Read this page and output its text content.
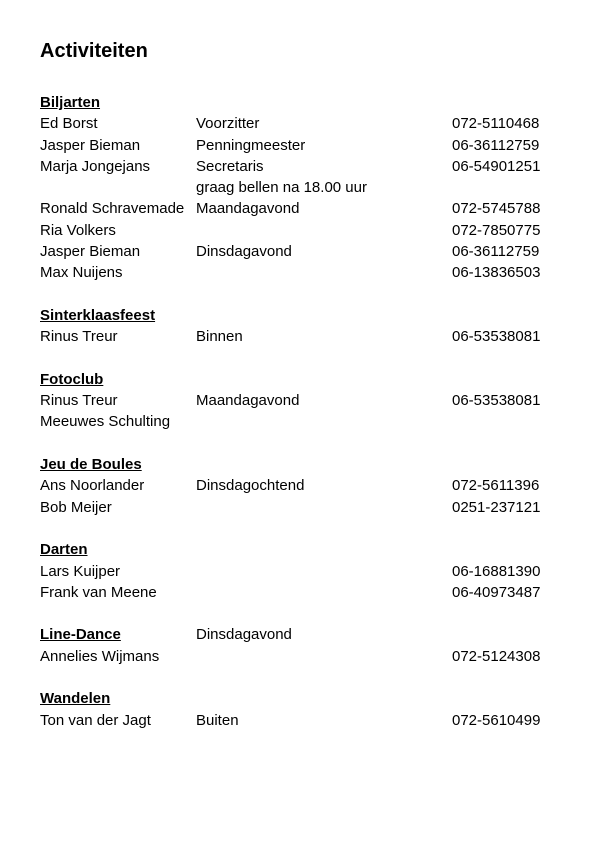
Activiteiten
Biljarten
Ed Borst	Voorzitter	072-5110468
Jasper Bieman	Penningmeester	06-36112759
Marja Jongejans	Secretaris	06-54901251
graag bellen na 18.00 uur
Ronald Schravemade Maandagavond	072-5745788
Ria Volkers	072-7850775
Jasper Bieman	Dinsdagavond	06-36112759
Max Nuijens	06-13836503
Sinterklaasfeest
Rinus Treur	Binnen	06-53538081
Fotoclub
Rinus Treur	Maandagavond	06-53538081
Meeuwes Schulting
Jeu de Boules
Ans Noorlander	Dinsdagochtend	072-5611396
Bob Meijer	0251-237121
Darten
Lars Kuijper	06-16881390
Frank van Meene	06-40973487
Line-Dance	Dinsdagavond
Annelies Wijmans	072-5124308
Wandelen
Ton van der Jagt	Buiten	072-5610499
